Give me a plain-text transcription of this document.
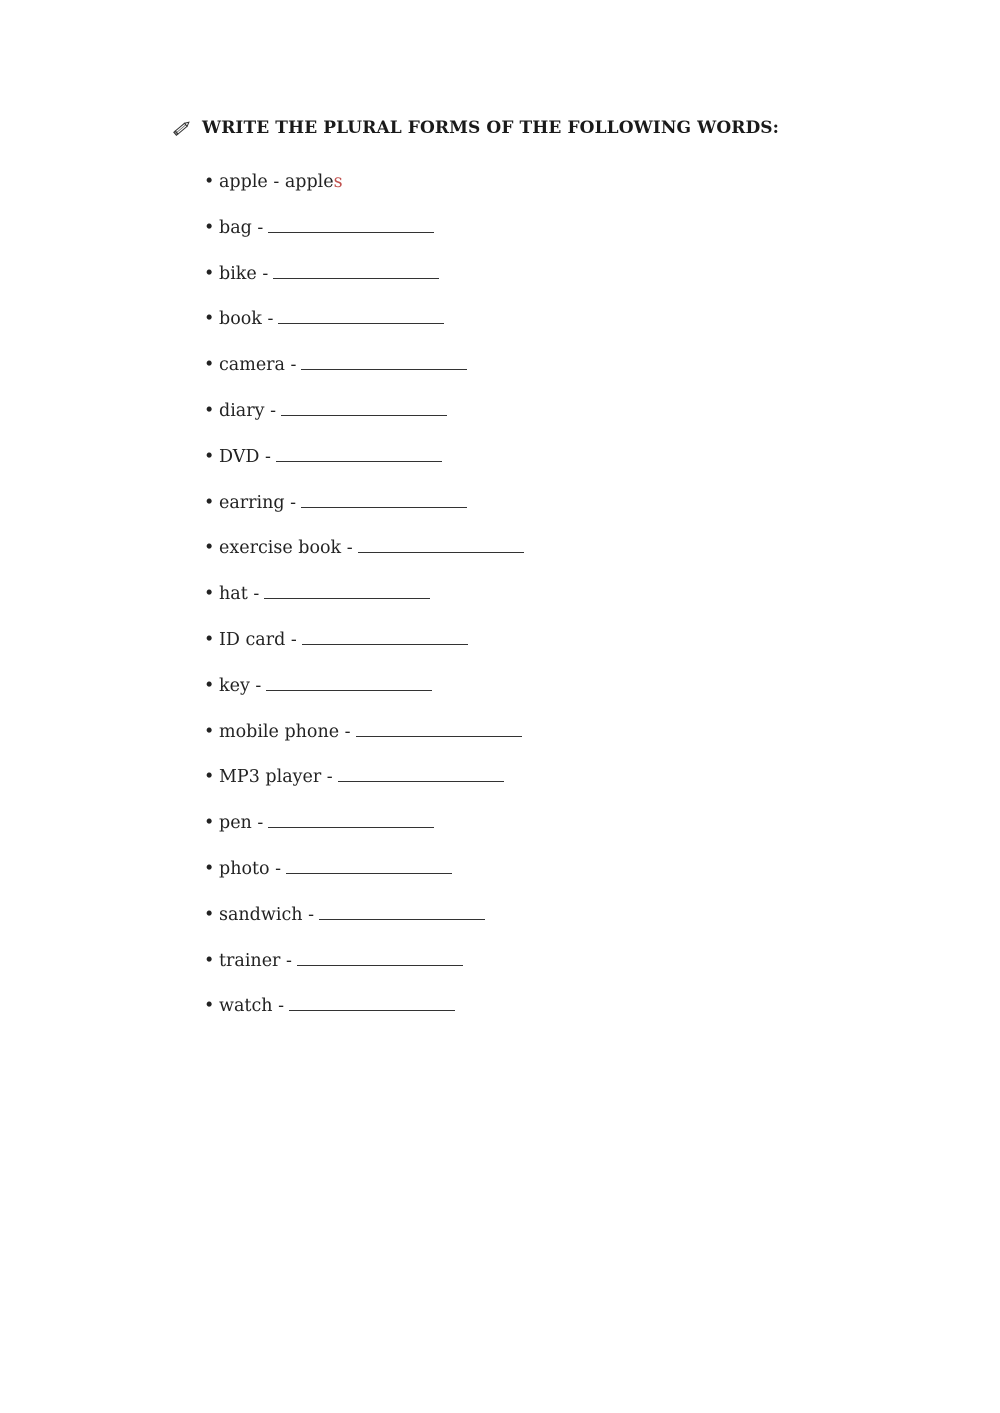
WRITE THE PLURAL FORMS OF THE FOLLOWING WORDS:
• apple - apples
• bag -
• bike -
• book -
• camera -
• diary -
• DVD -
• earring -
• exercise book -
• hat -
• ID card -
• key -
• mobile phone -
• MP3 player -
• pen -
• photo -
• sandwich -
• trainer -
• watch -
